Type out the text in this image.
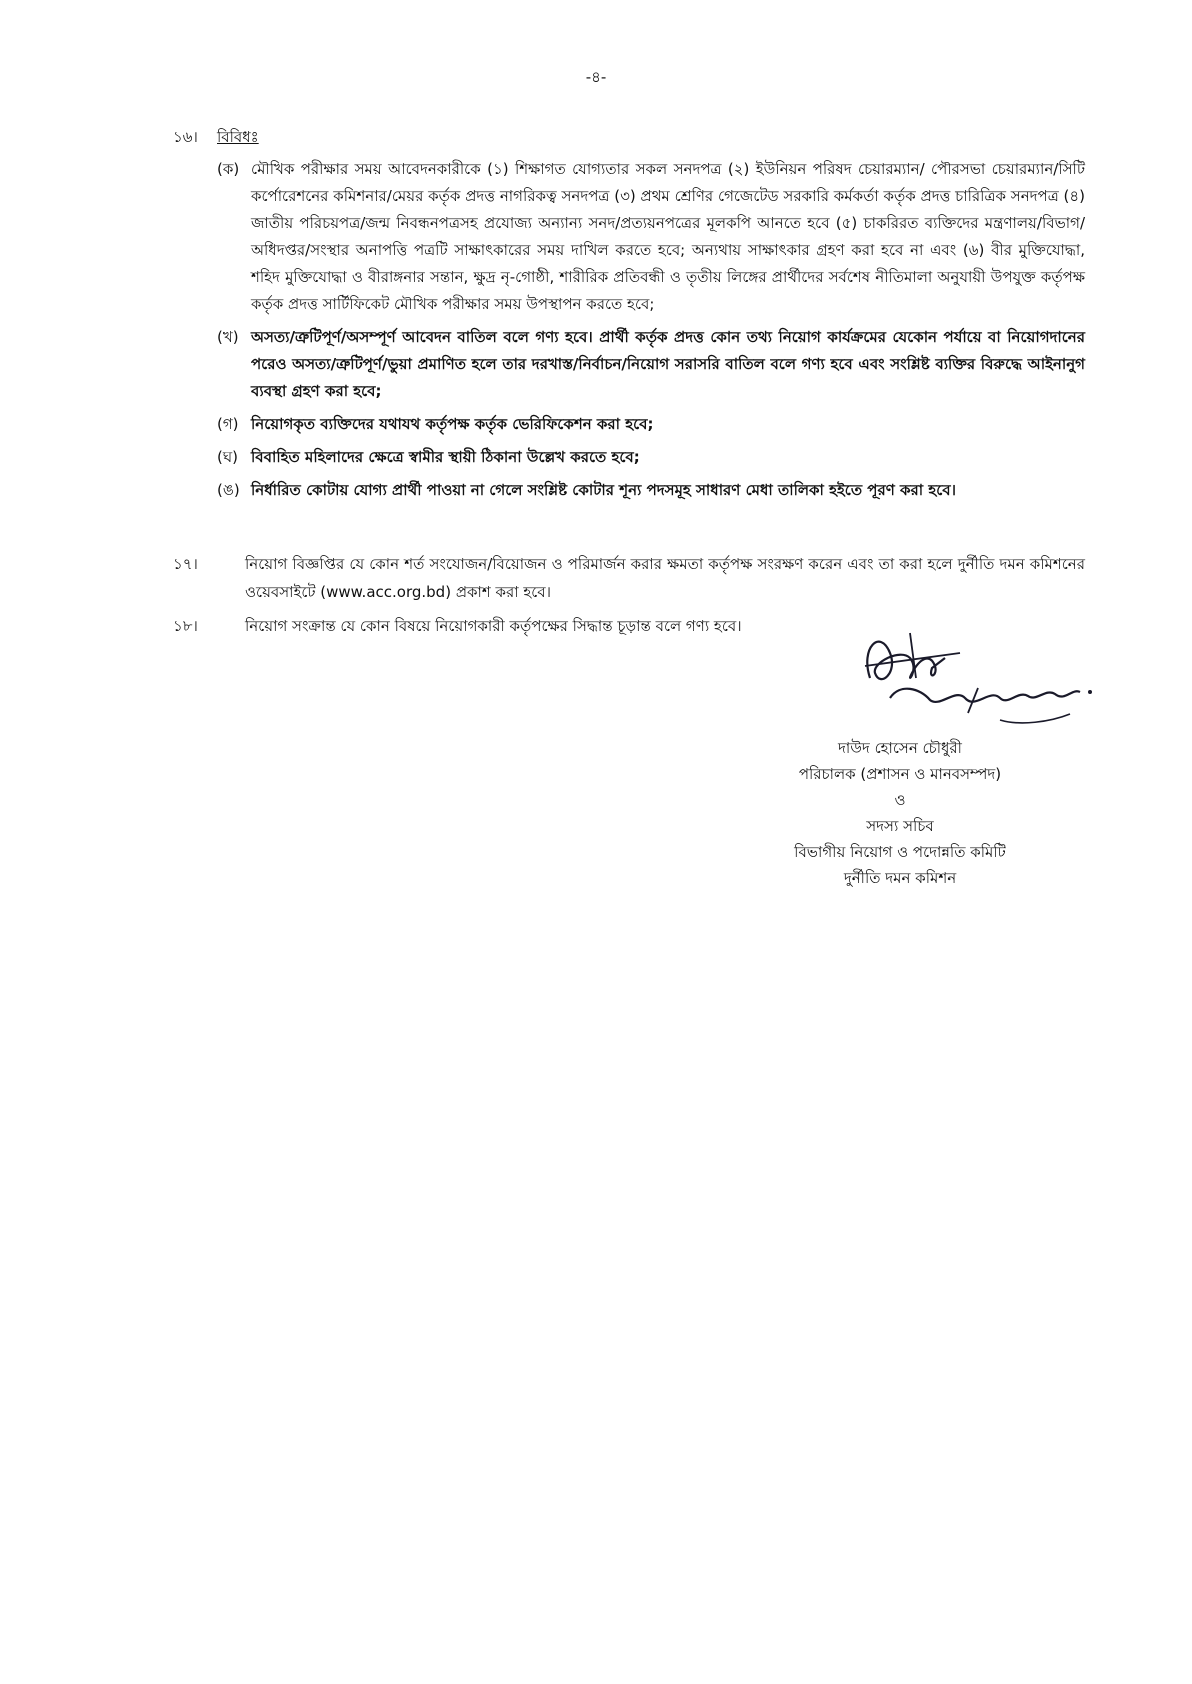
-৪-
১৬। বিবিধঃ
(ক) মৌখিক পরীক্ষার সময় আবেদনকারীকে (১) শিক্ষাগত যোগ্যতার সকল সনদপত্র (২) ইউনিয়ন পরিষদ চেয়ারম্যান/ পৌরসভা চেয়ারম্যান/সিটি কর্পোরেশনের কমিশনার/মেয়র কর্তৃক প্রদত্ত নাগরিকত্ব সনদপত্র (৩) প্রথম শ্রেণির গেজেটেড সরকারি কর্মকর্তা কর্তৃক প্রদত্ত চারিত্রিক সনদপত্র (৪) জাতীয় পরিচয়পত্র/জন্ম নিবন্ধনপত্রসহ প্রযোজ্য অন্যান্য সনদ/প্রত্যয়নপত্রের মূলকপি আনতে হবে (৫) চাকরিরত ব্যক্তিদের মন্ত্রণালয়/বিভাগ/অধিদপ্তর/সংস্থার অনাপত্তি পত্রটি সাক্ষাৎকারের সময় দাখিল করতে হবে; অন্যথায় সাক্ষাৎকার গ্রহণ করা হবে না এবং (৬) বীর মুক্তিযোদ্ধা, শহিদ মুক্তিযোদ্ধা ও বীরাঙ্গনার সন্তান, ক্ষুদ্র নৃ-গোষ্ঠী, শারীরিক প্রতিবন্ধী ও তৃতীয় লিঙ্গের প্রার্থীদের সর্বশেষ নীতিমালা অনুযায়ী উপযুক্ত কর্তৃপক্ষ কর্তৃক প্রদত্ত সার্টিফিকেট মৌখিক পরীক্ষার সময় উপস্থাপন করতে হবে;
(খ) অসত্য/ত্রুটিপূর্ণ/অসম্পূর্ণ আবেদন বাতিল বলে গণ্য হবে। প্রার্থী কর্তৃক প্রদত্ত কোন তথ্য নিয়োগ কার্যক্রমের যেকোন পর্যায়ে বা নিয়োগদানের পরেও অসত্য/ত্রুটিপূর্ণ/ভুয়া প্রমাণিত হলে তার দরখাস্ত/নির্বাচন/নিয়োগ সরাসরি বাতিল বলে গণ্য হবে এবং সংশ্লিষ্ট ব্যক্তির বিরুদ্ধে আইনানুগ ব্যবস্থা গ্রহণ করা হবে;
(গ) নিয়োগকৃত ব্যক্তিদের যথাযথ কর্তৃপক্ষ কর্তৃক ভেরিফিকেশন করা হবে;
(ঘ) বিবাহিত মহিলাদের ক্ষেত্রে স্বামীর স্থায়ী ঠিকানা উল্লেখ করতে হবে;
(ঙ) নির্ধারিত কোটায় যোগ্য প্রার্থী পাওয়া না গেলে সংশ্লিষ্ট কোটার শূন্য পদসমূহ সাধারণ মেধা তালিকা হইতে পূরণ করা হবে।
১৭।	নিয়োগ বিজ্ঞপ্তির যে কোন শর্ত সংযোজন/বিয়োজন ও পরিমার্জন করার ক্ষমতা কর্তৃপক্ষ সংরক্ষণ করেন এবং তা করা হলে দুর্নীতি দমন কমিশনের ওয়েবসাইটে (www.acc.org.bd) প্রকাশ করা হবে।
১৮।	নিয়োগ সংক্রান্ত যে কোন বিষয়ে নিয়োগকারী কর্তৃপক্ষের সিদ্ধান্ত চূড়ান্ত বলে গণ্য হবে।
দাউদ হোসেন চৌধুরী
পরিচালক (প্রশাসন ও মানবসম্পদ)
ও
সদস্য সচিব
বিভাগীয় নিয়োগ ও পদোন্নতি কমিটি
দুর্নীতি দমন কমিশন
